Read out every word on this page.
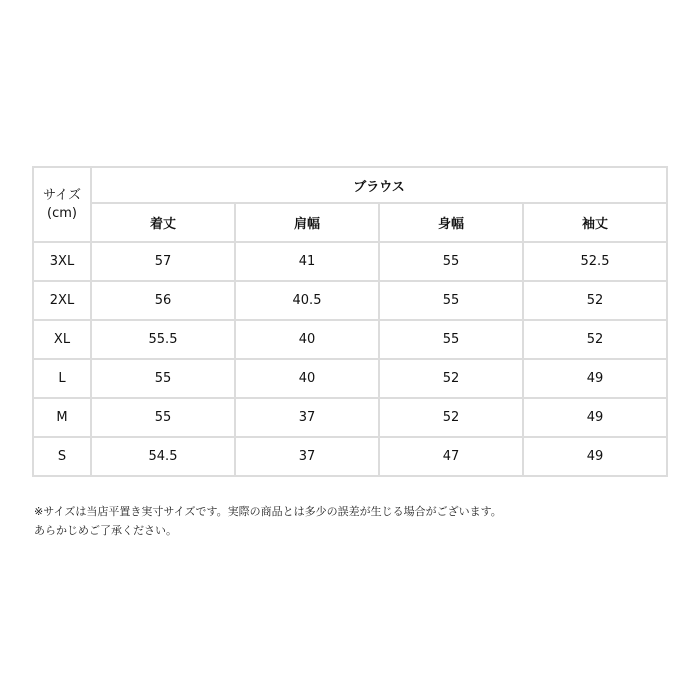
サイズ
(cm)	ブラウス			
	着丈	肩幅	身幅	袖丈
3XL	57	41	55	52.5
2XL	56	40.5	55	52
XL	55.5	40	55	52
L	55	40	52	49
M	55	37	52	49
S	54.5	37	47	49

※サイズは当店平置き実寸サイズです。実際の商品とは多少の誤差が生じる場合がございます。

あらかじめご了承ください。
